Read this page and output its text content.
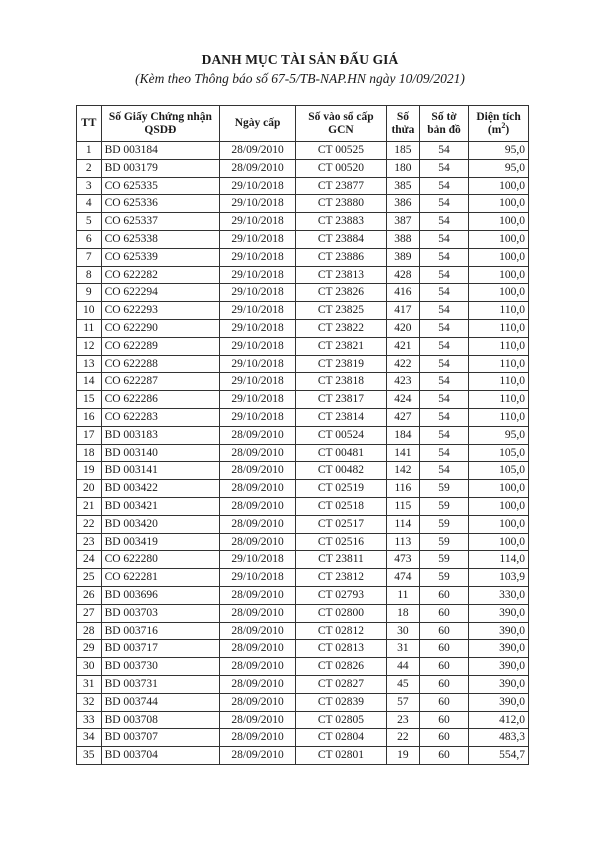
DANH MỤC TÀI SẢN ĐẤU GIÁ
(Kèm theo Thông báo số 67-5/TB-NAP.HN ngày 10/09/2021)
TT	Số Giấy Chứng nhận QSDĐ	Ngày cấp	Số vào sổ cấp GCN	Số thửa	Số tờ bản đồ	Diện tích
$(m^2)$
1	BD 003184	28/09/2010	CT 00525	185	54	95,0
2	BD 003179	28/09/2010	CT 00520	180	54	95,0
3	CO 625335	29/10/2018	CT 23877	385	54	100,0
4	CO 625336	29/10/2018	CT 23880	386	54	100,0
5	CO 625337	29/10/2018	CT 23883	387	54	100,0
6	CO 625338	29/10/2018	CT 23884	388	54	100,0
7	CO 625339	29/10/2018	CT 23886	389	54	100,0
8	CO 622282	29/10/2018	CT 23813	428	54	100,0
9	CO 622294	29/10/2018	CT 23826	416	54	100,0
10	CO 622293	29/10/2018	CT 23825	417	54	110,0
11	CO 622290	29/10/2018	CT 23822	420	54	110,0
12	CO 622289	29/10/2018	CT 23821	421	54	110,0
13	CO 622288	29/10/2018	CT 23819	422	54	110,0
14	CO 622287	29/10/2018	CT 23818	423	54	110,0
15	CO 622286	29/10/2018	CT 23817	424	54	110,0
16	CO 622283	29/10/2018	CT 23814	427	54	110,0
17	BD 003183	28/09/2010	CT 00524	184	54	95,0
18	BD 003140	28/09/2010	CT 00481	141	54	105,0
19	BD 003141	28/09/2010	CT 00482	142	54	105,0
20	BD 003422	28/09/2010	CT 02519	116	59	100,0
21	BD 003421	28/09/2010	CT 02518	115	59	100,0
22	BD 003420	28/09/2010	CT 02517	114	59	100,0
23	BD 003419	28/09/2010	CT 02516	113	59	100,0
24	CO 622280	29/10/2018	CT 23811	473	59	114,0
25	CO 622281	29/10/2018	CT 23812	474	59	103,9
26	BD 003696	28/09/2010	CT 02793	11	60	330,0
27	BD 003703	28/09/2010	CT 02800	18	60	390,0
28	BD 003716	28/09/2010	CT 02812	30	60	390,0
29	BD 003717	28/09/2010	CT 02813	31	60	390,0
30	BD 003730	28/09/2010	CT 02826	44	60	390,0
31	BD 003731	28/09/2010	CT 02827	45	60	390,0
32	BD 003744	28/09/2010	CT 02839	57	60	390,0
33	BD 003708	28/09/2010	CT 02805	23	60	412,0
34	BD 003707	28/09/2010	CT 02804	22	60	483,3
35	BD 003704	28/09/2010	CT 02801	19	60	554,7
